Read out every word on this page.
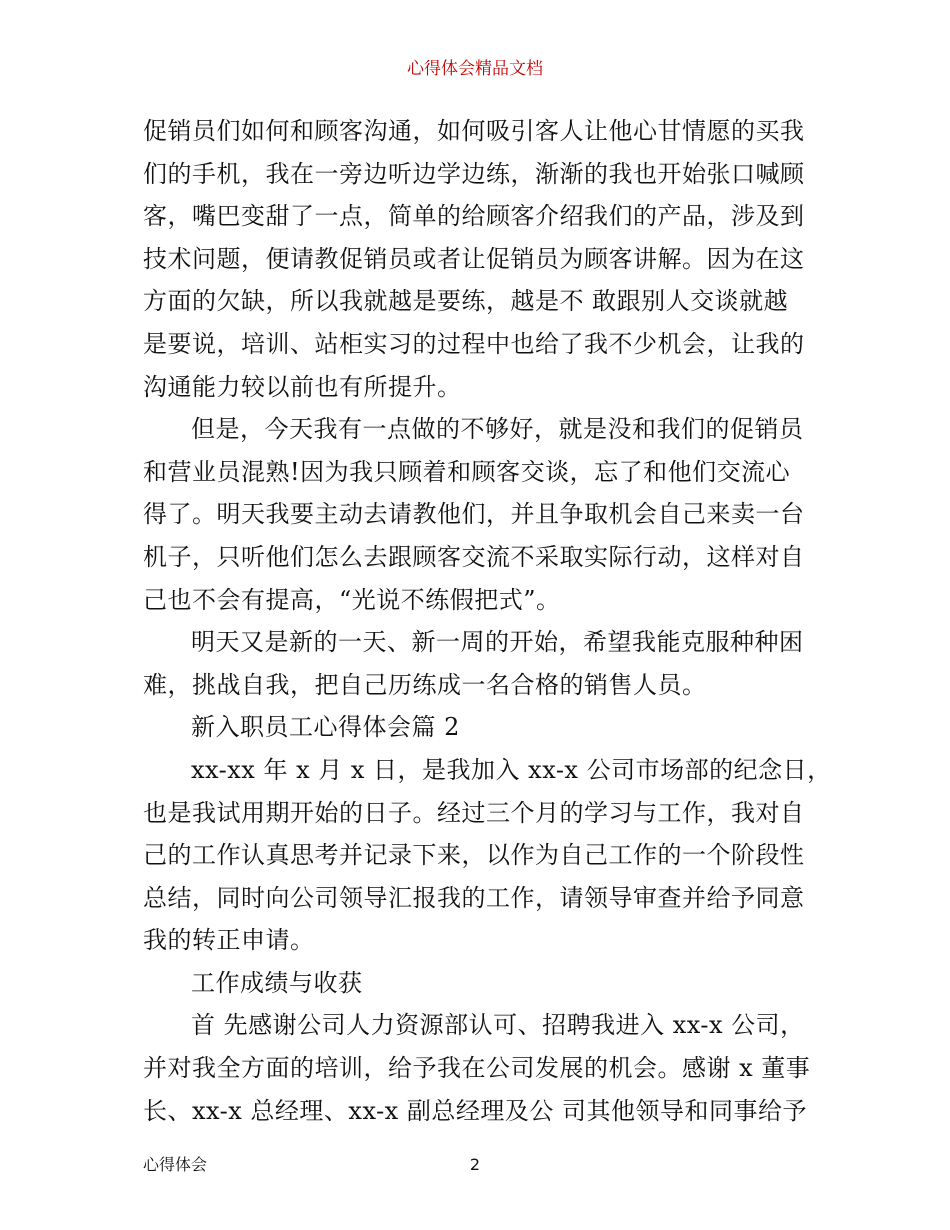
心得体会精品文档
促销员们如何和顾客沟通，如何吸引客人让他心甘情愿的买我
们的手机，我在一旁边听边学边练，渐渐的我也开始张口喊顾
客，嘴巴变甜了一点，简单的给顾客介绍我们的产品，涉及到
技术问题，便请教促销员或者让促销员为顾客讲解。因为在这
方面的欠缺，所以我就越是要练，越是不 敢跟别人交谈就越
是要说，培训、站柜实习的过程中也给了我不少机会，让我的
沟通能力较以前也有所提升。
但是，今天我有一点做的不够好，就是没和我们的促销员
和营业员混熟!因为我只顾着和顾客交谈，忘了和他们交流心
得了。明天我要主动去请教他们，并且争取机会自己来卖一台
机子，只听他们怎么去跟顾客交流不采取实际行动，这样对自
己也不会有提高，“光说不练假把式”。
明天又是新的一天、新一周的开始，希望我能克服种种困
难，挑战自我，把自己历练成一名合格的销售人员。
新入职员工心得体会篇 2
xx-xx 年 x 月 x 日，是我加入 xx-x 公司市场部的纪念日，
也是我试用期开始的日子。经过三个月的学习与工作，我对自
己的工作认真思考并记录下来，以作为自己工作的一个阶段性
总结，同时向公司领导汇报我的工作，请领导审查并给予同意
我的转正申请。
工作成绩与收获
首 先感谢公司人力资源部认可、招聘我进入 xx-x 公司，
并对我全方面的培训，给予我在公司发展的机会。感谢 x 董事
长、xx-x 总经理、xx-x 副总经理及公 司其他领导和同事给予
心得体会	2
